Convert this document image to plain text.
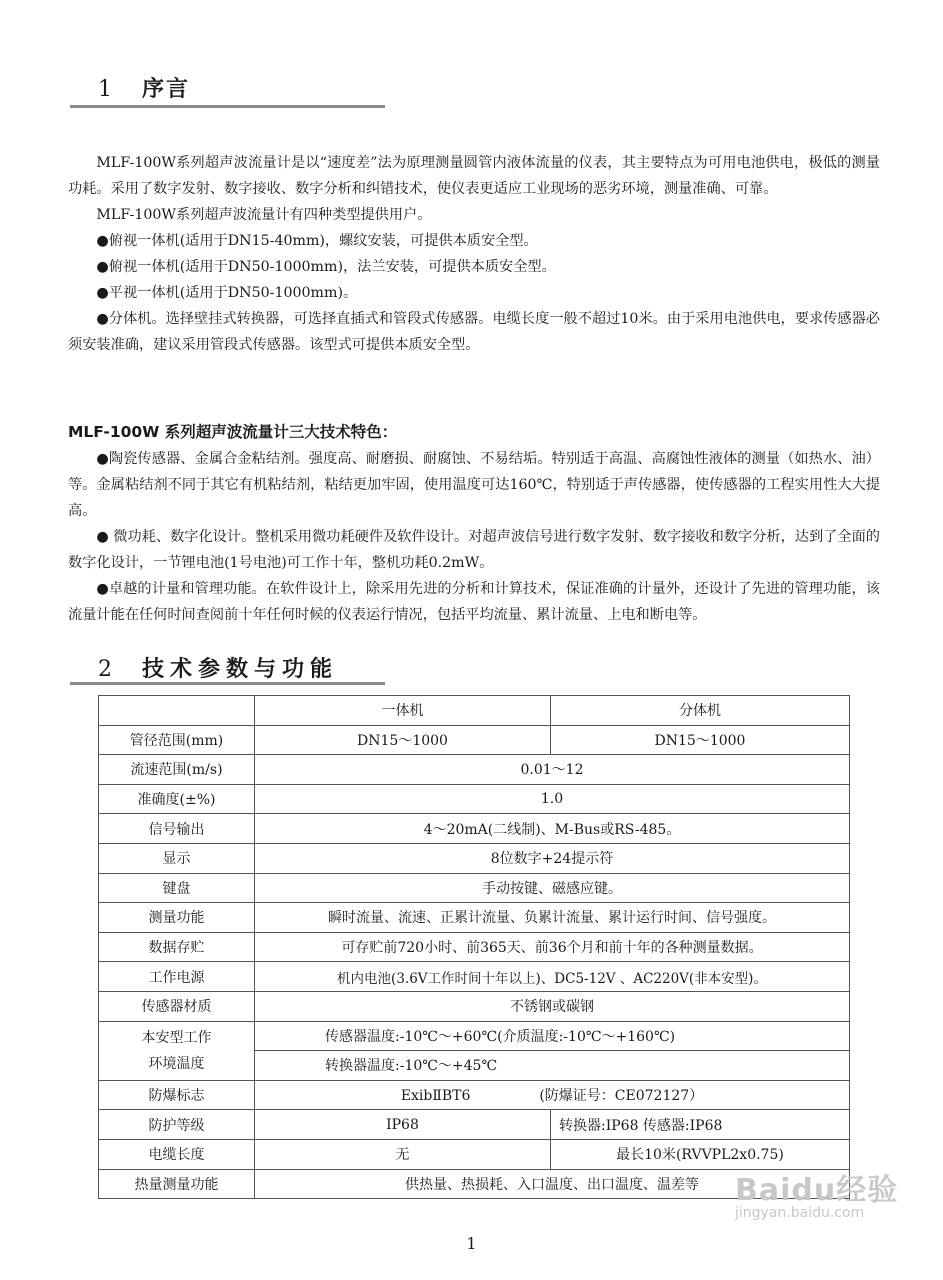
1 序言

MLF-100W系列超声波流量计是以“速度差”法为原理测量圆管内液体流量的仪表，其主要特点为可用电池供电，极低的测量功耗。采用了数字发射、数字接收、数字分析和纠错技术，使仪表更适应工业现场的恶劣环境，测量准确、可靠。

MLF-100W系列超声波流量计有四种类型提供用户。

●俯视一体机(适用于DN15-40mm)，螺纹安装，可提供本质安全型。

●俯视一体机(适用于DN50-1000mm)，法兰安装，可提供本质安全型。

●平视一体机(适用于DN50-1000mm)。

●分体机。选择壁挂式转换器，可选择直插式和管段式传感器。电缆长度一般不超过10米。由于采用电池供电，要求传感器必须安装准确，建议采用管段式传感器。该型式可提供本质安全型。

MLF-100W 系列超声波流量计三大技术特色：

●陶瓷传感器、金属合金粘结剂。强度高、耐磨损、耐腐蚀、不易结垢。特别适于高温、高腐蚀性液体的测量（如热水、油）等。金属粘结剂不同于其它有机粘结剂，粘结更加牢固，使用温度可达160℃，特别适于声传感器，使传感器的工程实用性大大提高。

● 微功耗、数字化设计。整机采用微功耗硬件及软件设计。对超声波信号进行数字发射、数字接收和数字分析，达到了全面的数字化设计，一节锂电池(1号电池)可工作十年，整机功耗0.2mW。

●卓越的计量和管理功能。在软件设计上，除采用先进的分析和计算技术，保证准确的计量外，还设计了先进的管理功能，该流量计能在任何时间查阅前十年任何时候的仪表运行情况，包括平均流量、累计流量、上电和断电等。

2 技术参数与功能
	一体机	分体机
管径范围(mm)	DN15～1000	DN15～1000
流速范围(m/s)	0.01～12	
准确度(±%)	1.0	
信号输出	4～20mA(二线制)、M-Bus或RS-485。	
显示	8位数字+24提示符	
键盘	手动按键、磁感应键。	
测量功能	瞬时流量、流速、正累计流量、负累计流量、累计运行时间、信号强度。	
数据存贮	可存贮前720小时、前365天、前36个月和前十年的各种测量数据。	
工作电源	机内电池(3.6V工作时间十年以上)、DC5-12V 、AC220V(非本安型)。	
传感器材质	不锈钢或碳钢	

本安型工作
环境温度	传感器温度:-10℃～+60℃(介质温度:-10℃～+160℃)	
	转换器温度:-10℃～+45℃	
防爆标志	ExibⅡBT6 (防爆证号：CE072127）	
防护等级	IP68	转换器:IP68 传感器:IP68
电缆长度	无	最长10米(RVVPL2x0.75)
热量测量功能	供热量、热损耗、入口温度、出口温度、温差等	Baidu经验
jingyan.baidu.com
1
